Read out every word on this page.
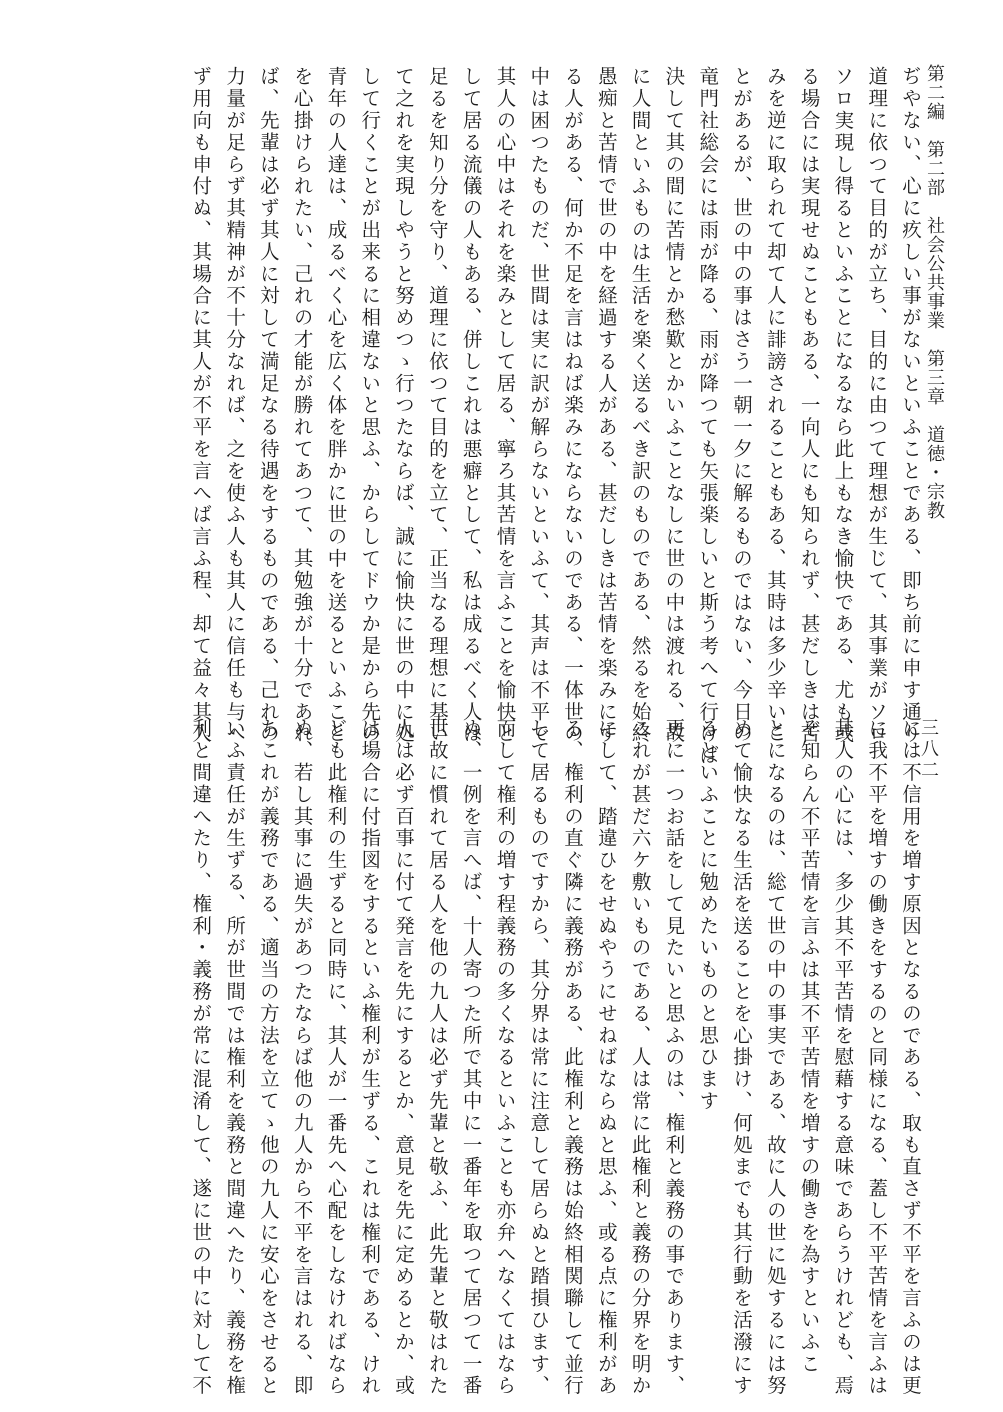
第二編　第二部　社会公共事業　第三章　道徳・宗教
三八二
ぢやない、心に疚しい事がないといふことである、即ち前に申す通り
道理に依つて目的が立ち、目的に由つて理想が生じて、其事業がソロ
ソロ実現し得るといふことになるなら此上もなき愉快である、尤も或
る場合には実現せぬこともある、一向人にも知られず、甚だしきは苦
みを逆に取られて却て人に誹謗されることもある、其時は多少辛いこ
とがあるが、世の中の事はさう一朝一夕に解るものではない、今日の
竜門社総会には雨が降る、雨が降つても矢張楽しいと斯う考へて行けば
決して其の間に苦情とか愁歎とかいふことなしに世の中は渡れる、故
に人間といふものは生活を楽く送るべき訳のものである、然るを始終
愚痴と苦情で世の中を経過する人がある、甚だしきは苦情を楽みにす
る人がある、何か不足を言はねば楽みにならないのである、一体世の
中は困つたものだ、世間は実に訳が解らないといふて、其声は不平で
其人の心中はそれを楽みとして居る、寧ろ其苦情を言ふことを愉快と
して居る流儀の人もある、併しこれは悪癖として、私は成るべく人は
足るを知り分を守り、道理に依つて目的を立て、正当なる理想に基い
て之れを実現しやうと努めつゝ行つたならば、誠に愉快に世の中に処
して行くことが出来るに相違ないと思ふ、からしてドウか是から先の
青年の人達は、成るべく心を広く体を胖かに世の中を送るといふこと
を心掛けられたい、己れの才能が勝れてあつて、其勉強が十分であれ
ば、先輩は必ず其人に対して満足なる待遇をするものである、己れの
力量が足らず其精神が不十分なれば、之を使ふ人も其人に信任も与へ
ず用向も申付ぬ、其場合に其人が不平を言へば言ふ程、却て益々其人
には不信用を増す原因となるのである、取も直さず不平を言ふのは更
に我不平を増すの働きをするのと同様になる、蓋し不平苦情を言ふは
其人の心には、多少其不平苦情を慰藉する意味であらうけれども、焉
ぞ知らん不平苦情を言ふは其不平苦情を増すの働きを為すといふこ
とになるのは、総て世の中の事実である、故に人の世に処するには努
めて愉快なる生活を送ることを心掛け、何処までも其行動を活潑にす
るといふことに勉めたいものと思ひます
更に一つお話をして見たいと思ふのは、権利と義務の事であります、
これが甚だ六ケ敷いものである、人は常に此権利と義務の分界を明か
にして、踏違ひをせぬやうにせねばならぬと思ふ、或る点に権利があ
る、権利の直ぐ隣に義務がある、此権利と義務は始終相関聯して並行
して居るものですから、其分界は常に注意して居らぬと踏損ひます、
而して権利の増す程義務の多くなるといふことも亦弁へなくてはなら
ぬ、一例を言へば、十人寄つた所で其中に一番年を取つて居つて一番
世故に慣れて居る人を他の九人は必ず先輩と敬ふ、此先輩と敬はれた
人は必ず百事に付て発言を先にするとか、意見を先に定めるとか、或
は場合に付指図をするといふ権利が生ずる、これは権利である、けれ
ども此権利の生ずると同時に、其人が一番先へ心配をしなければなら
ぬ、若し其事に過失があつたならば他の九人から不平を言はれる、即
ちこれが義務である、適当の方法を立てゝ他の九人に安心をさせると
いふ責任が生ずる、所が世間では権利を義務と間違へたり、義務を権
利と間違へたり、権利・義務が常に混淆して、遂に世の中に対して不
